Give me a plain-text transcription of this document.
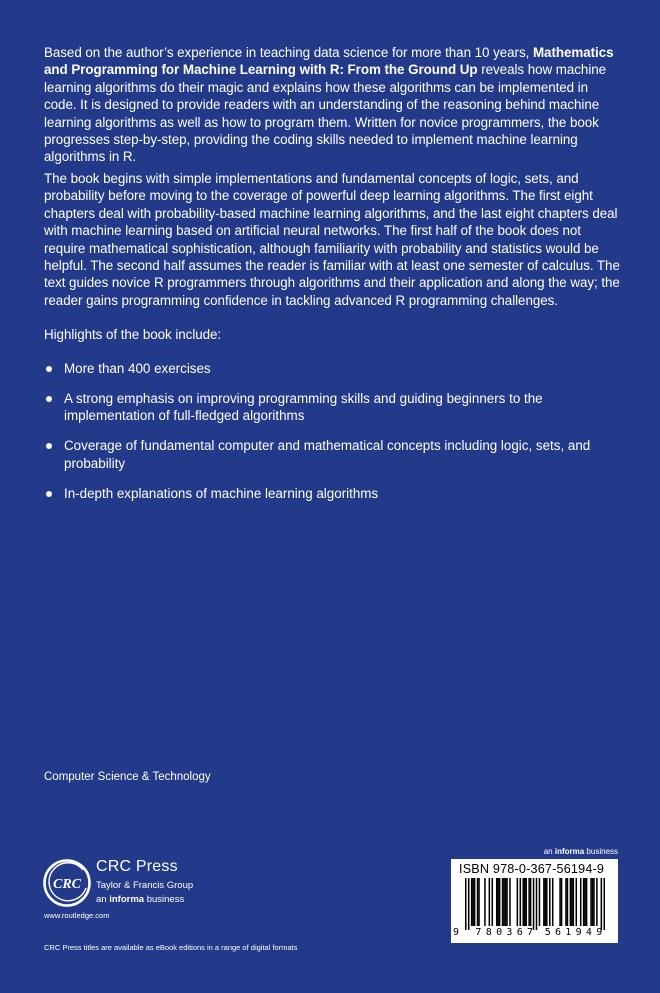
Based on the author’s experience in teaching data science for more than 10 years, Mathematics and Programming for Machine Learning with R: From the Ground Up reveals how machine learning algorithms do their magic and explains how these algorithms can be implemented in code. It is designed to provide readers with an understanding of the reasoning behind machine learning algorithms as well as how to program them. Written for novice programmers, the book progresses step-by-step, providing the coding skills needed to implement machine learning algorithms in R.

The book begins with simple implementations and fundamental concepts of logic, sets, and probability before moving to the coverage of powerful deep learning algorithms. The first eight chapters deal with probability-based machine learning algorithms, and the last eight chapters deal with machine learning based on artificial neural networks. The first half of the book does not require mathematical sophistication, although familiarity with probability and statistics would be helpful. The second half assumes the reader is familiar with at least one semester of calculus. The text guides novice R programmers through algorithms and their application and along the way; the reader gains programming confidence in tackling advanced R programming challenges.

Highlights of the book include:

More than 400 exercises
A strong emphasis on improving programming skills and guiding beginners to the implementation of full-fledged algorithms
Coverage of fundamental computer and mathematical concepts including logic, sets, and probability
In-depth explanations of machine learning algorithms
Computer Science & Technology
CRC
CRC Press
Taylor & Francis Group
an informa business
www.routledge.com
CRC Press titles are available as eBook editions in a range of digital formats
an informa business
ISBN 978-0-367-56194-9
9 7 8 0 3 6 7 5 6 1 9 4 9
